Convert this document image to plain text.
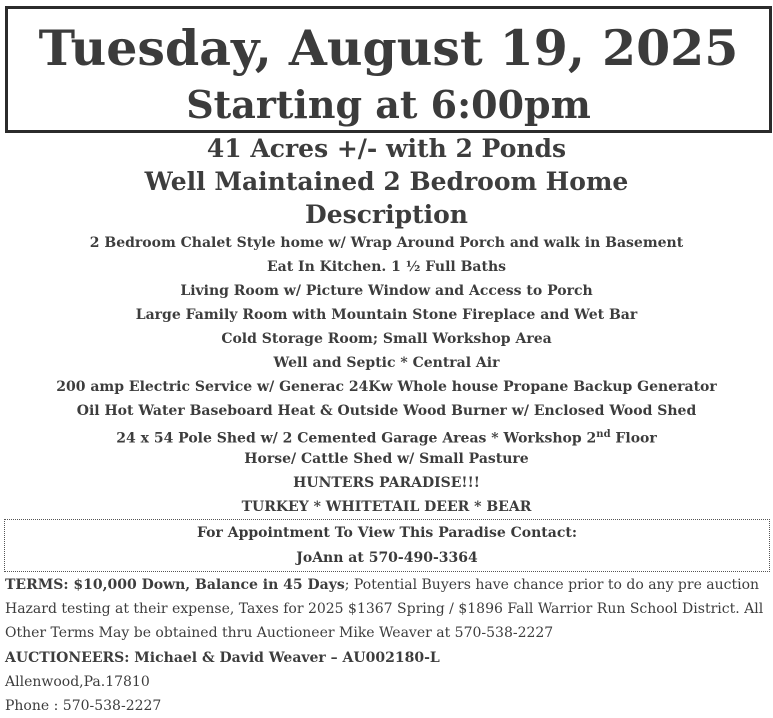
Tuesday, August 19, 2025
Starting at 6:00pm
41 Acres +/- with 2 Ponds
Well Maintained 2 Bedroom Home
Description
2 Bedroom Chalet Style home w/ Wrap Around Porch and walk in Basement
Eat In Kitchen. 1 ½ Full Baths
Living Room w/ Picture Window and Access to Porch
Large Family Room with Mountain Stone Fireplace and Wet Bar
Cold Storage Room; Small Workshop Area
Well and Septic * Central Air
200 amp Electric Service w/ Generac 24Kw Whole house Propane Backup Generator
Oil Hot Water Baseboard Heat & Outside Wood Burner w/ Enclosed Wood Shed
24 x 54 Pole Shed w/ 2 Cemented Garage Areas * Workshop 2nd Floor
Horse/ Cattle Shed w/ Small Pasture
HUNTERS PARADISE!!!
TURKEY * WHITETAIL DEER * BEAR
For Appointment To View This Paradise Contact:
JoAnn at 570-490-3364
TERMS: $10,000 Down, Balance in 45 Days; Potential Buyers have chance prior to do any pre auction Hazard testing at their expense, Taxes for 2025 $1367 Spring / $1896 Fall Warrior Run School District. All Other Terms May be obtained thru Auctioneer Mike Weaver at 570-538-2227
AUCTIONEERS: Michael & David Weaver – AU002180-L
Allenwood,Pa.17810
Phone : 570-538-2227
